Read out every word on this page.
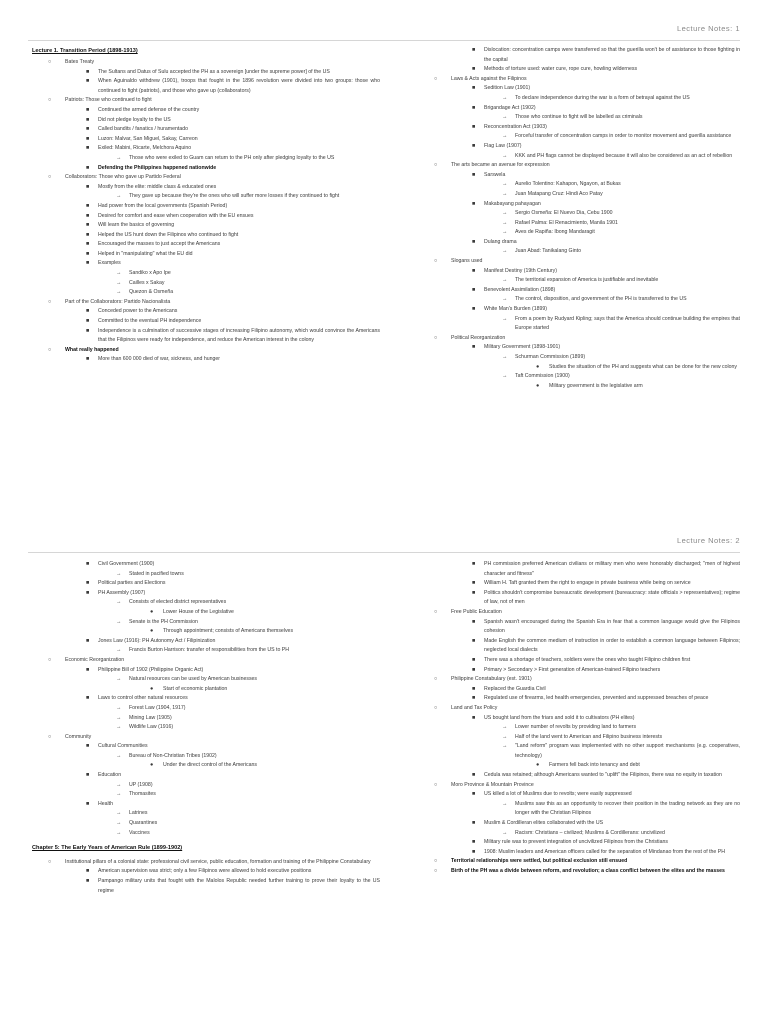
Lecture Notes: 1
Lecture 1. Transition Period (1898-1913)
○	Bates Treaty
■ The Sultans and Datus of Sulu accepted the PH as a sovereign [under the supreme power] of the US
■ When Aguinaldo withdrew (1901), troops that fought in the 1896 revolution were divided into two groups: those who continued to fight (patriots), and those who gave up (collaborators)
○	Patriots: Those who continued to fight
■ Continued the armed defense of the country
■ Did not pledge loyalty to the US
■ Called bandits / fanatics / huramentado
■ Luzon: Malvar, San Miguel, Sakay, Carreon
■ Exiled: Mabini, Ricarte, Melchora Aquino
→ Those who were exiled to Guam can return to the PH only after pledging loyalty to the US
■ Defending the Philippines happened nationwide
○	Collaborators: Those who gave up Partido Federal
■ Mostly from the elite: middle class & educated ones
→ They gave up because they're the ones who will suffer more losses if they continued to fight
■ Had power from the local governments (Spanish Period)
■ Desired for comfort and ease when cooperation with the EU ensues
■ Will learn the basics of governing
■ Helped the US hunt down the Filipinos who continued to fight
■ Encouraged the masses to just accept the Americans
■ Helped in "manipulating" what the EU did
■ Examples
→ Sandiko x Apo Ipe
→ Cailles x Sakay
→ Quezon & Osmeña
○	Part of the Collaborators: Partido Nacionalista
■ Conceded power to the Americans
■ Committed to the eventual PH independence
■ Independence is a culmination of successive stages of increasing Filipino autonomy, which would convince the Americans that the Filipinos were ready for independence, and reduce the American interest in the colony
○	What really happened
■ More than 600 000 died of war, sickness, and hunger
■ Dislocation: concentration camps were transferred so that the guerilla won't be of assistance to those fighting in the capital
■ Methods of torture used: water cure, rope cure, howling wilderness
○	Laws & Acts against the Filipinos
■ Sedition Law (1901)
→ To declare independence during the war is a form of betrayal against the US
■ Brigandage Act (1902)
→ Those who continue to fight will be labelled as criminals
■ Reconcentration Act (1903)
→ Forceful transfer of concentration camps in order to monitor movement and guerilla assistance
■ Flag Law (1907)
→ KKK and PH flags cannot be displayed because it will also be considered as an act of rebellion
○	The arts became an avenue for expression
■ Sarswela
→ Aurelio Tolentino: Kahapon, Ngayon, at Bukas
→ Juan Matapang Cruz: Hindi Aco Patay
■ Makabayang pahayagan
→ Sergio Osmeña: El Nuevo Dia, Cebu 1900
→ Rafael Palma: El Renacimiento, Manila 1901
→ Aves de Rapiña: Ibong Mandaragit
■ Dulang drama
→ Juan Abad: Tanikalang Ginto
○	Slogans used
■ Manifest Destiny (19th Century)
→ The territorial expansion of America is justifiable and inevitable
■ Benevolent Assimilation (1898)
→ The control, disposition, and government of the PH is transferred to the US
■ White Man's Burden (1899)
→ From a poem by Rudyard Kipling; says that the America should continue building the empires that Europe started
○	Political Reorganization
■ Military Government (1898-1901)
→ Schurman Commission (1899)
● Studies the situation of the PH and suggests what can be done for the new colony
→ Taft Commission (1900)
● Military government is the legislative arm
Lecture Notes: 2
■ Civil Government (1900)
→ Stated in pacified towns
■ Political parties and Elections
■ PH Assembly (1907)
→ Consists of elected district representatives
● Lower House of the Legislative
→ Senate is the PH Commission
● Through appointment; consists of Americans themselves
■ Jones Law (1916): PH Autonomy Act / Filipinization
→ Francis Burton Harrison: transfer of responsibilities from the US to PH
○	Economic Reorganization
■ Philippine Bill of 1902 (Philippine Organic Act)
→ Natural resources can be used by American businesses
● Start of economic plantation
■ Laws to control other natural resources
→ Forest Law (1904, 1917)
→ Mining Law (1905)
→ Wildlife Law (1916)
○	Community
■ Cultural Communities
→ Bureau of Non-Christian Tribes (1902)
● Under the direct control of the Americans
■ Education
→ UP (1908)
→ Thomasites
■ Health
→ Latrines
→ Quarantines
→ Vaccines
Chapter 5: The Early Years of American Rule (1899-1902)
○	Institutional pillars of a colonial state: professional civil service, public education, formation and training of the Philippine Constabulary
■ American supervision was strict; only a few Filipinos were allowed to hold executive positions
■ Pampango military units that fought with the Malolos Republic needed further training to prove their loyalty to the US regime
■ PH commission preferred American civilians or military men who were honorably discharged; "men of highest character and fitness"
■ William H. Taft granted them the right to engage in private business while being on service
■ Politics shouldn't compromise bureaucratic development (bureaucracy: state officials > representatives); regime of law, not of men
○	Free Public Education
■ Spanish wasn't encouraged during the Spanish Era in fear that a common language would give the Filipinos cohesion
■ Made English the common medium of instruction in order to establish a common language between Filipinos; neglected local dialects
■ There was a shortage of teachers, soldiers were the ones who taught Filipino children first
■ Primary > Secondary > First generation of American-trained Filipino teachers
○	Philippine Constabulary (est. 1901)
■ Replaced the Guardia Civil
■ Regulated use of firearms, led health emergencies, prevented and suppressed breaches of peace
○	Land and Tax Policy
■ US bought land from the friars and sold it to cultivators (PH elites)
→ Lower number of revolts by providing land to farmers
→ Half of the land went to American and Filipino business interests
→ "Land reform" program was implemented with no other support mechanisms (e.g. cooperatives, technology)
● Farmers fell back into tenancy and debt
■ Cedula was retained; although Americans wanted to "uplift" the Filipinos, there was no equity in taxation
○	Moro Province & Mountain Province
■ US killed a lot of Muslims due to revolts; were easily suppressed
→ Muslims saw this as an opportunity to recover their position in the trading network as they are no longer with the Christian Filipinos
■ Muslim & Cordilleran elites collaborated with the US
→ Racism: Christians – civilized; Muslims & Cordillerans: uncivilized
■ Military rule was to prevent integration of uncivilized Filipinos from the Christians
■ 1908: Muslim leaders and American officers called for the separation of Mindanao from the rest of the PH
○	Territorial relationships were settled, but political exclusion still ensued
○	Birth of the PH was a divide between reform, and revolution; a class conflict between the elites and the masses
